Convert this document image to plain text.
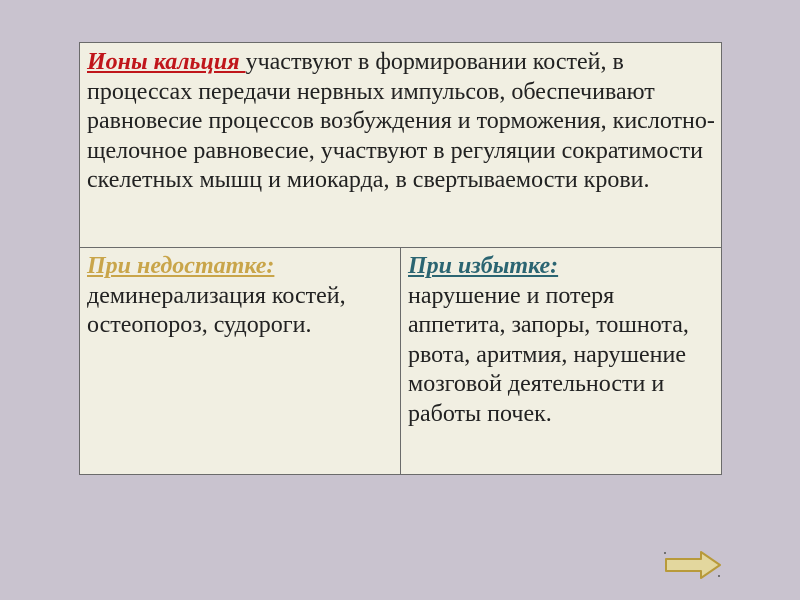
Ионы кальция участвуют в формировании костей, в процессах передачи нервных импульсов, обеспечивают равновесие процессов возбуждения и торможения, кислотно-щелочное равновесие, участвуют в регуляции сократимости скелетных мышц и миокарда, в свертываемости крови.

При недостатке:
деминерализация костей, остеопороз, судороги.	
При избытке:
нарушение и потеря аппетита, запоры, тошнота, рвота, аритмия, нарушение мозговой деятельности и работы почек.
